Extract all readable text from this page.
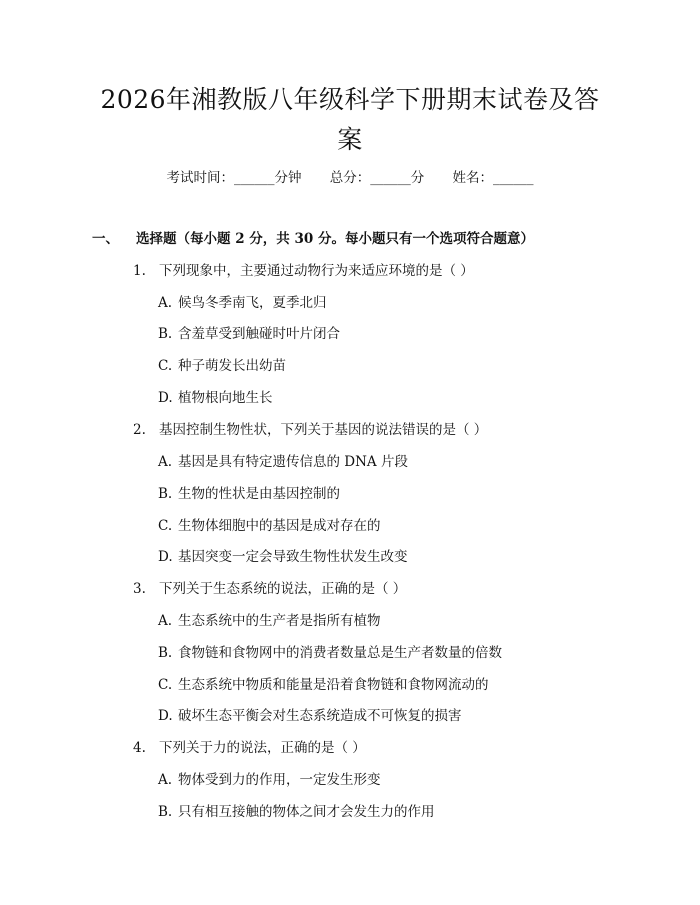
2026年湘教版八年级科学下册期末试卷及答
案
考试时间：______分钟 总分：______分 姓名：______
一、 选择题（每小题 2 分，共 30 分。每小题只有一个选项符合题意）
1. 下列现象中，主要通过动物行为来适应环境的是（ ）
A. 候鸟冬季南飞，夏季北归
B. 含羞草受到触碰时叶片闭合
C. 种子萌发长出幼苗
D. 植物根向地生长
2. 基因控制生物性状，下列关于基因的说法错误的是（ ）
A. 基因是具有特定遗传信息的 DNA 片段
B. 生物的性状是由基因控制的
C. 生物体细胞中的基因是成对存在的
D. 基因突变一定会导致生物性状发生改变
3. 下列关于生态系统的说法，正确的是（ ）
A. 生态系统中的生产者是指所有植物
B. 食物链和食物网中的消费者数量总是生产者数量的倍数
C. 生态系统中物质和能量是沿着食物链和食物网流动的
D. 破坏生态平衡会对生态系统造成不可恢复的损害
4. 下列关于力的说法，正确的是（ ）
A. 物体受到力的作用，一定发生形变
B. 只有相互接触的物体之间才会发生力的作用
